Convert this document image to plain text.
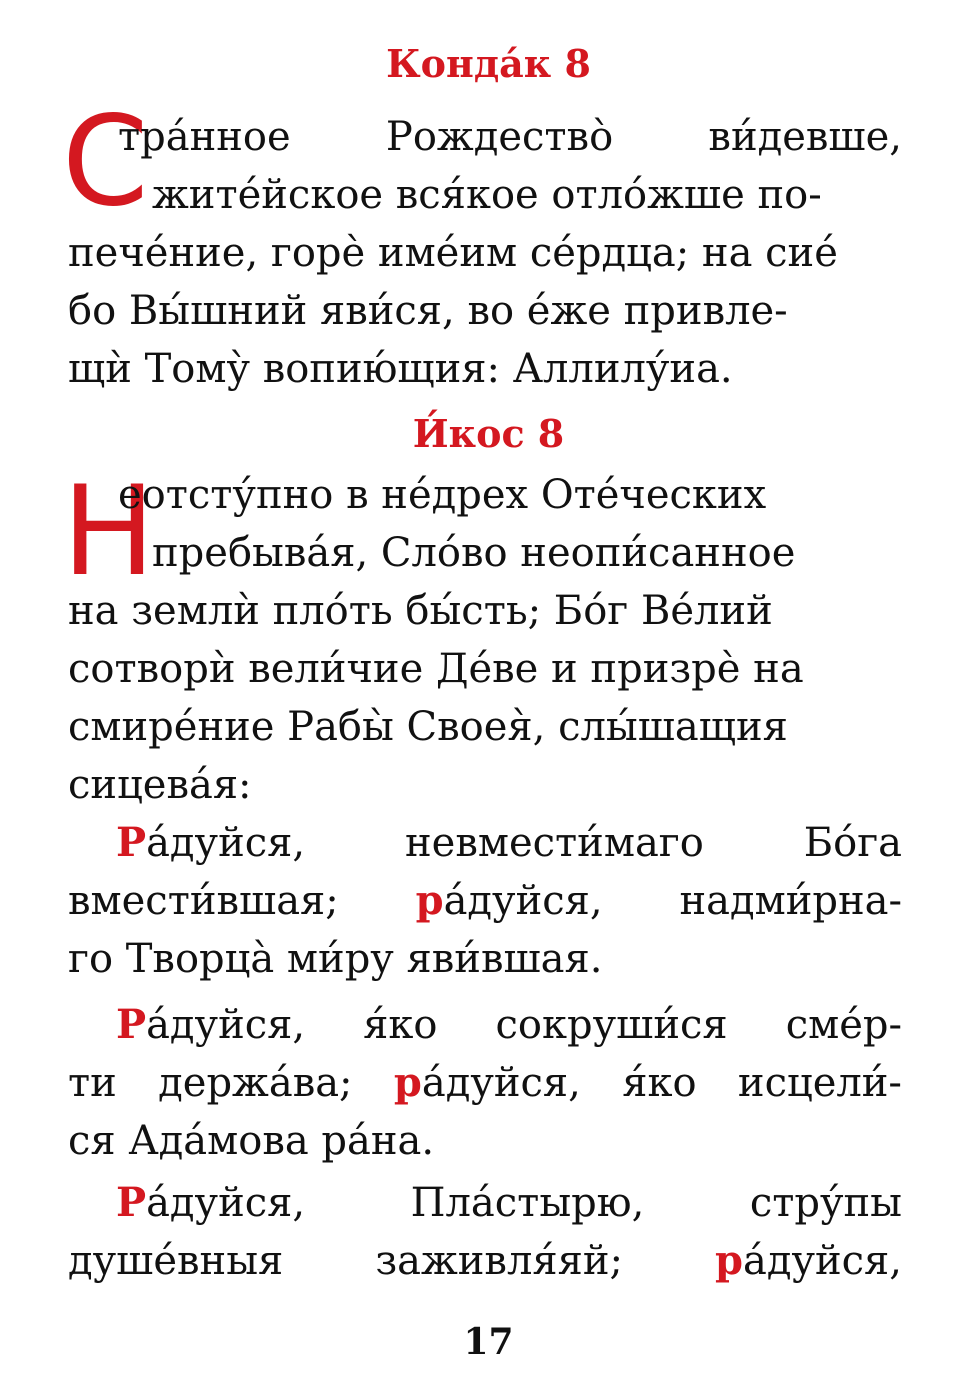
Конда́к 8
С
тра́нное Рождество̀ ви́девше,
жите́йское вся́кое отло́жше по-
пече́ние, горѐ име́им се́рдца; на сие́
бо Вы́шний яви́ся, во е́же привле-
щѝ Тому̀ вопию́щия: Аллилу́иа.
И́кос 8
Н
еотсту́пно в не́дрех Оте́ческих
пребыва́я, Сло́во неопи́санное
на землѝ пло́ть бы́сть; Бо́г Ве́лий
сотворѝ вели́чие Де́ве и призрѐ на
смире́ние Рабы̀ Своея̀, слы́шащия
сицева́я:
Ра́дуйся, невмести́маго Бо́га
вмести́вшая; ра́дуйся, надми́рна-
го Творца̀ ми́ру яви́вшая.
Ра́дуйся, я́ко сокруши́ся сме́р-
ти держа́ва; ра́дуйся, я́ко исцели́-
ся Ада́мова ра́на.
Ра́дуйся,	Пла́стырю,	стру́пы
душе́вныя заживля́яй; ра́дуйся,
17
